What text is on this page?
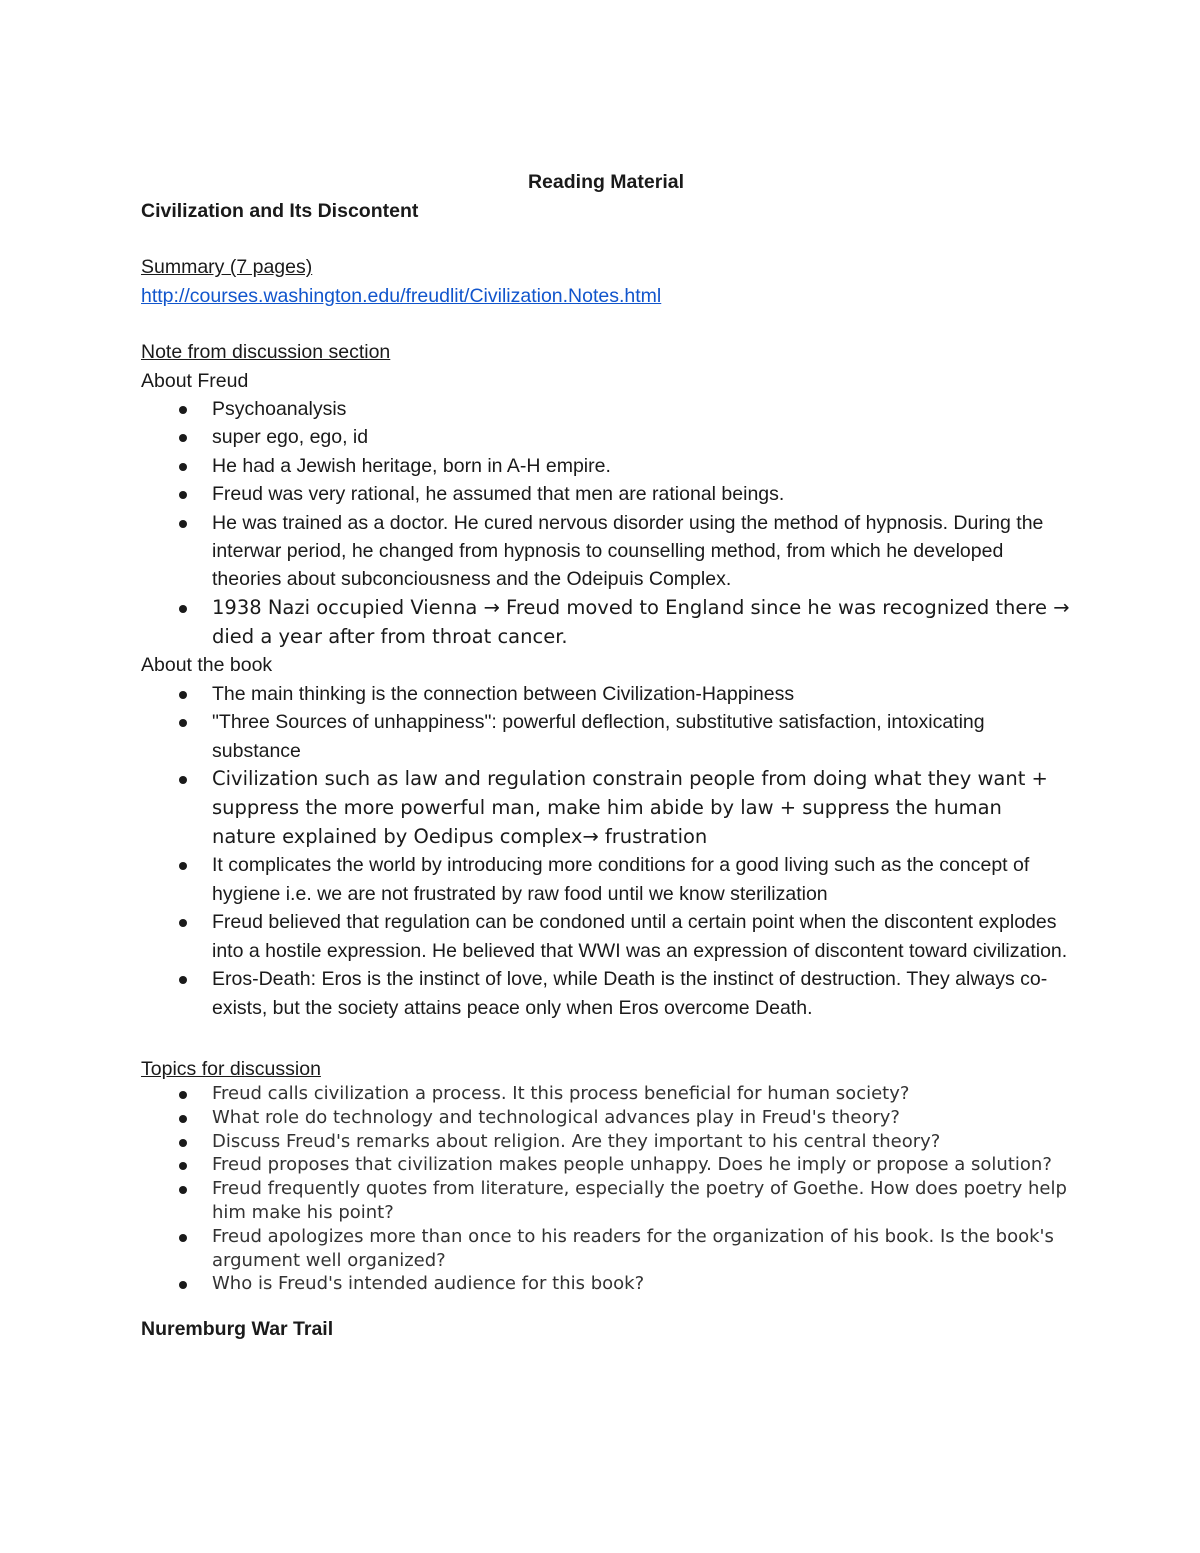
Reading Material

Civilization and Its Discontent

Summary (7 pages)

http://courses.washington.edu/freudlit/Civilization.Notes.html

Note from discussion section

About Freud

Psychoanalysis
super ego, ego, id
He had a Jewish heritage, born in A-H empire.
Freud was very rational, he assumed that men are rational beings.
He was trained as a doctor. He cured nervous disorder using the method of hypnosis. During the interwar period, he changed from hypnosis to counselling method, from which he developed theories about subconciousness and the Odeipuis Complex.
1938 Nazi occupied Vienna → Freud moved to England since he was recognized there → died a year after from throat cancer.

About the book

The main thinking is the connection between Civilization-Happiness
"Three Sources of unhappiness": powerful deflection, substitutive satisfaction, intoxicating substance
Civilization such as law and regulation constrain people from doing what they want + suppress the more powerful man, make him abide by law + suppress the human nature explained by Oedipus complex→ frustration
It complicates the world by introducing more conditions for a good living such as the concept of hygiene i.e. we are not frustrated by raw food until we know sterilization
Freud believed that regulation can be condoned until a certain point when the discontent explodes into a hostile expression. He believed that WWI was an expression of discontent toward civilization.
Eros-Death: Eros is the instinct of love, while Death is the instinct of destruction. They always co-exists, but the society attains peace only when Eros overcome Death.

Topics for discussion

Freud calls civilization a process. It this process beneficial for human society?
What role do technology and technological advances play in Freud's theory?
Discuss Freud's remarks about religion. Are they important to his central theory?
Freud proposes that civilization makes people unhappy. Does he imply or propose a solution?
Freud frequently quotes from literature, especially the poetry of Goethe. How does poetry help him make his point?
Freud apologizes more than once to his readers for the organization of his book. Is the book's argument well organized?
Who is Freud's intended audience for this book?

Nuremburg War Trail
